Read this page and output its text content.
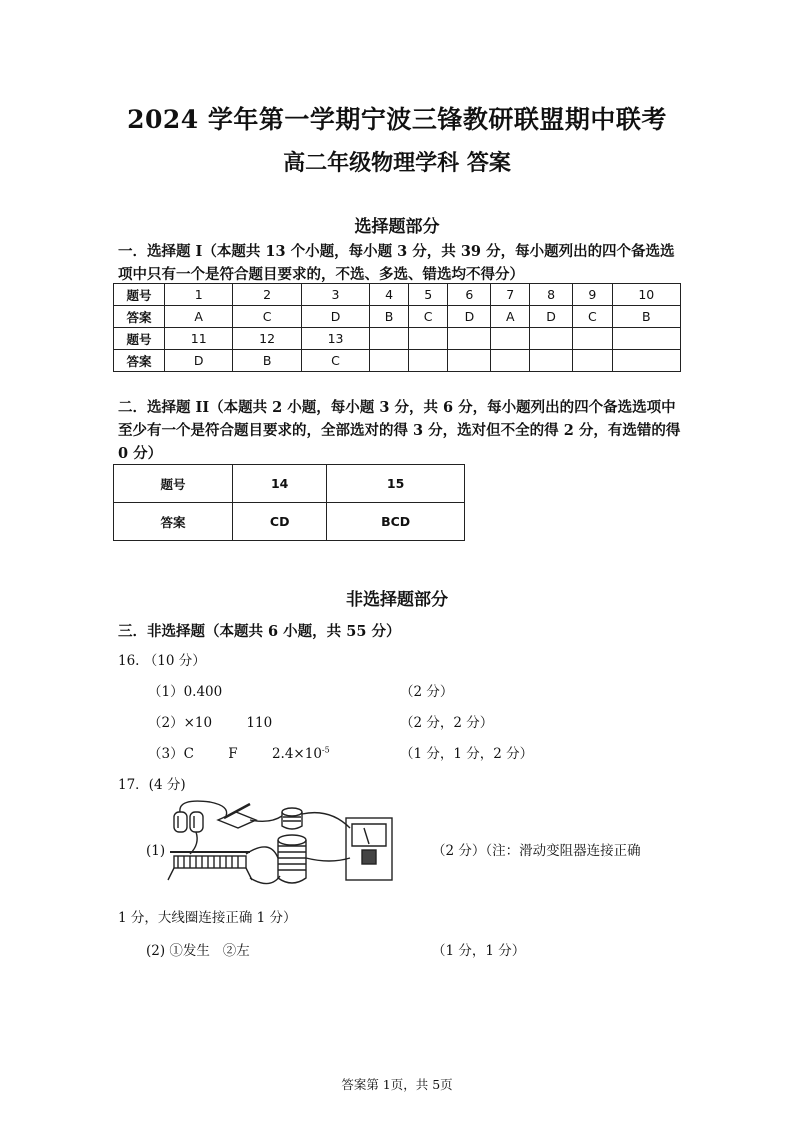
2024 学年第一学期宁波三锋教研联盟期中联考
高二年级物理学科 答案
选择题部分
一．选择题 I（本题共 13 个小题，每小题 3 分，共 39 分，每小题列出的四个备选选项中只有一个是符合题目要求的，不选、多选、错选均不得分）
题号	1	2	3	4	5	6	7	8	9	10
答案	A	C	D	B	C	D	A	D	C	B
题号	11	12	13							
答案	D	B	C							
二．选择题 II（本题共 2 小题，每小题 3 分，共 6 分，每小题列出的四个备选选项中至少有一个是符合题目要求的，全部选对的得 3 分，选对但不全的得 2 分，有选错的得 0 分）
题号	14	15
答案	CD	BCD
非选择题部分
三．非选择题（本题共 6 小题，共 55 分）
16. （10 分）
（1）0.400	（2 分）
（2）×10        110	（2 分，2 分）
（3）C        F        $2.4\times 10^{-5}$	（1 分，1 分，2 分）
17．(4 分)
(1)	（2 分）（注：滑动变阻器连接正确
1 分，大线圈连接正确 1 分）
(2) ①发生   ②左	（1 分，1 分）
答案第 1页，共 5页
